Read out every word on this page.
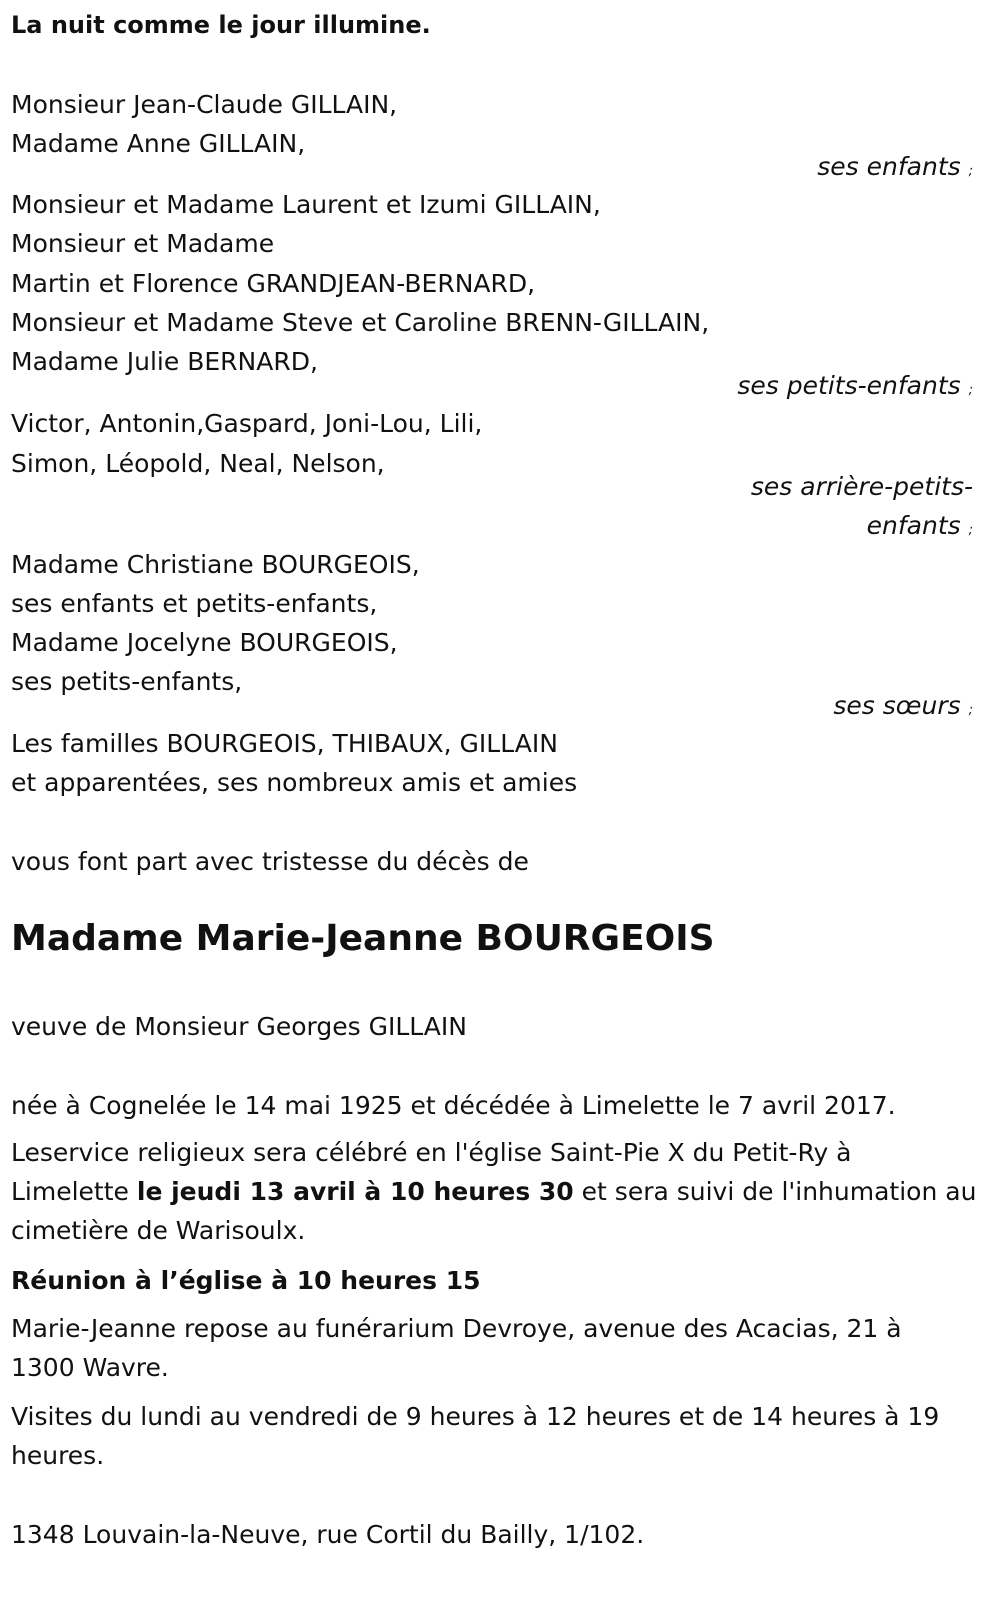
La nuit comme le jour illumine.
Monsieur Jean-Claude GILLAIN,
Madame Anne GILLAIN,
ses enfants ;
Monsieur et Madame Laurent et Izumi GILLAIN,
Monsieur et Madame
Martin et Florence GRANDJEAN-BERNARD,
Monsieur et Madame Steve et Caroline BRENN-GILLAIN,
Madame Julie BERNARD,
ses petits-enfants ;
Victor, Antonin,Gaspard, Joni-Lou, Lili,
Simon, Léopold, Neal, Nelson,
ses arrière-petits-
enfants ;
Madame Christiane BOURGEOIS,
ses enfants et petits-enfants,
Madame Jocelyne BOURGEOIS,
ses petits-enfants,
ses sœurs ;
Les familles BOURGEOIS, THIBAUX, GILLAIN
et apparentées, ses nombreux amis et amies
vous font part avec tristesse du décès de
Madame Marie-Jeanne BOURGEOIS
veuve de Monsieur Georges GILLAIN
née à Cognelée le 14 mai 1925 et décédée à Limelette le 7 avril 2017.
Leservice religieux sera célébré en l'église Saint-Pie X du Petit-Ry à
Limelette le jeudi 13 avril à 10 heures 30 et sera suivi de l'inhumation au
cimetière de Warisoulx.
Réunion à l’église à 10 heures 15
Marie-Jeanne repose au funérarium Devroye, avenue des Acacias, 21 à
1300 Wavre.
Visites du lundi au vendredi de 9 heures à 12 heures et de 14 heures à 19
heures.
1348 Louvain-la-Neuve, rue Cortil du Bailly, 1/102.
